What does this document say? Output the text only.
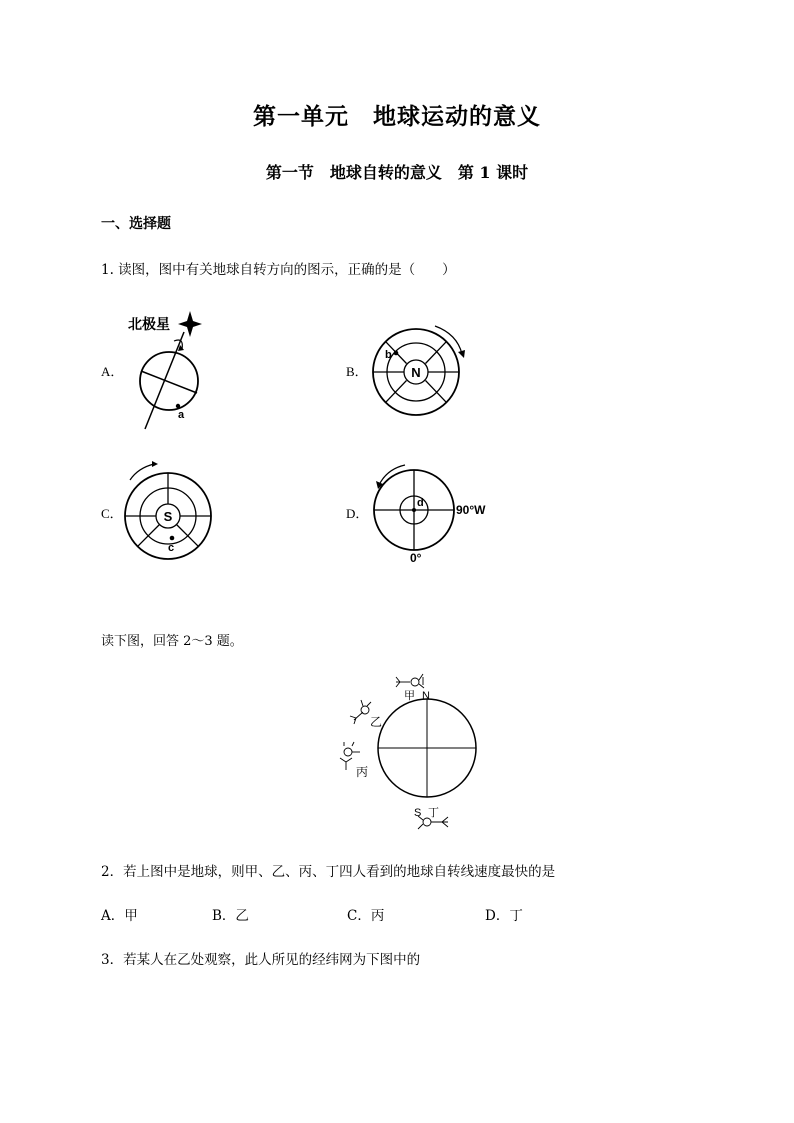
第一单元　地球运动的意义
第一节　地球自转的意义　第 1 课时
一、选择题
1. 读图，图中有关地球自转方向的图示，正确的是（　　）
A．
北极星
a
B．	N
b
C．	S
c
D．
d	90°W
0°
读下图，回答 2～3 题。
甲 N
乙
丙
S 丁
2．若上图中是地球，则甲、乙、丙、丁四人看到的地球自转线速度最快的是
A．甲	B．乙	C．丙	D．丁
3．若某人在乙处观察，此人所见的经纬网为下图中的
